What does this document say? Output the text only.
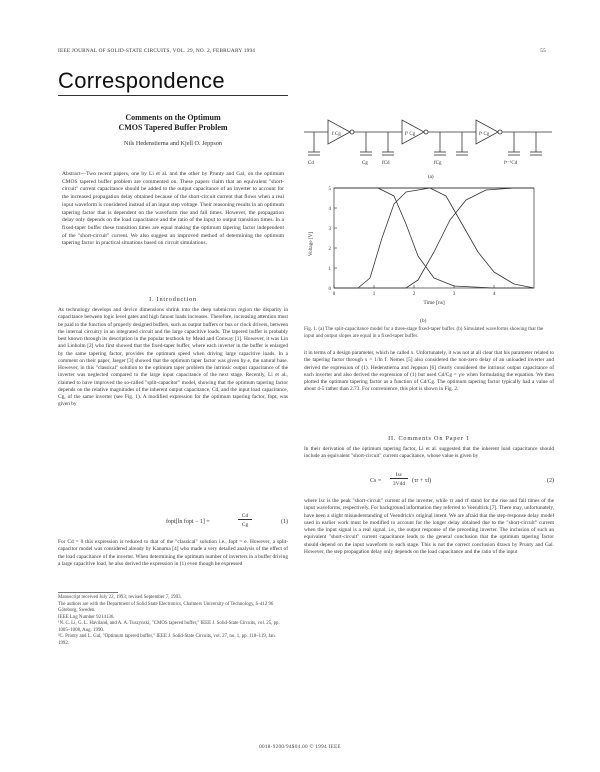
IEEE JOURNAL OF SOLID-STATE CIRCUITS, VOL. 29, NO. 2, FEBRUARY 1994	55
Correspondence
Comments on the Optimum
CMOS Tapered Buffer Problem
Nils Hedenstierna and Kjell O. Jeppson
Abstract—Two recent papers, one by Li et al. and the other by Prunty and Gal, on the optimum CMOS tapered buffer problem are commented on. These papers claim that an equivalent "short-circuit" current capacitance should be added to the output capacitance of an inverter to account for the increased propagation delay obtained because of the short-circuit current that flows when a real input waveform is considered instead of an input step voltage. Their reasoning results in an optimum tapering factor that is dependent on the waveform rise and fall times. However, the propagation delay only depends on the load capacitance and the ratio of the input to output transition times. In a fixed-taper buffer these transition times are equal making the optimum tapering factor independent of the "short-circuit" current. We also suggest an improved method of determining the optimum tapering factor in practical situations based on circuit simulations.
I. Introduction
As technology develops and device dimensions shrink into the deep submicron region the disparity in capacitance between logic level gates and high fanout loads increases. Therefore, increasing attention must be paid to the function of properly designed buffers, such as output buffers or bus or clock drivers, between the internal circuitry in an integrated circuit and the large capacitive loads. The tapered buffer is probably best known through its description in the popular textbook by Mead and Conway [1]. However, it was Lin and Linholm [2] who first showed that the fixed-taper buffer, where each inverter in the buffer is enlarged by the same tapering factor, provides the optimum speed when driving large capacitive loads. In a comment on their paper, Jaeger [3] showed that the optimum taper factor was given by e, the natural base. However, in this "classical" solution to the optimum taper problem the intrinsic output capacitance of the inverter was neglected compared to the large input capacitance of the next stage. Recently, Li et al., claimed to have improved the so-called "split-capacitor" model, showing that the optimum tapering factor depends on the relative magnitudes of the inherent output capacitance, Cd, and the input load capacitance, Cg, of the same inverter (see Fig. 1). A modified expression for the optimum tapering factor, fopt, was given by
fopt[ln fopt − 1] =
Cd
Cg	(1)
For Cd = 0 this expression is reduced to that of the "classical" solution i.e., fopt = e. However, a split-capacitor model was considered already by Kanuma [4] who made a very detailed analysis of the effect of the load capacitance of the inverter. When determining the optimum number of inverters in a buffer driving a large capacitive load, he also derived the expression in (1) even though he expressed
Manuscript received July 22, 1993; revised September 7, 1993.
The authors are with the Department of Solid State Electronics, Chalmers University of Technology, S-412 96 Göteborg, Sweden.
IEEE Log Number 9214136.
¹N. C. Li, G. L. Haviland, and A. A. Tuszynski, "CMOS tapered buffer," IEEE J. Solid-State Circuits, vol. 25, pp. 1005–1008, Aug. 1990.
²C. Prunty and L. Gal, "Optimum tapered buffer," IEEE J. Solid-State Circuits, vol. 27, no. 1, pp. 118–119, Jan. 1992.
f Cg	f² Cg	fⁿ Cg
Cd	Cg	fCd	fCg	fⁿ⁻¹Cd
(a)
0	1	2	3	4
0
1
2
3
4
5
Voltage [V]
Time [ns]
(b)
Fig. 1. (a) The split-capacitance model for a three-stage fixed-taper buffer. (b) Simulated waveforms showing that the input and output slopes are equal in a fixed-taper buffer.
it in terms of a design parameter, which he called x. Unfortunately, it was not at all clear that his parameter related to the tapering factor through x = 1/ln f. Nemes [5] also considered the non-zero delay of an unloaded inverter and derived the expression of (1). Hedenstierna and Jeppson [6] clearly considered the intrinsic output capacitance of each inverter and also derived the expression of (1) but used Cd/Cg = γ/e when formulating the equation. We then plotted the optimum tapering factor as a function of Cd/Cg. The optimum tapering factor typically had a value of about 4-5 rather than 2.73. For convenience, this plot is shown in Fig. 2.
II. Comments On Paper 1
In their derivation of the optimum tapering factor, Li et al. suggested that the inherent load capacitance should include an equivalent "short-circuit" current capacitance, whose value is given by
Cs =
Isc
3Vdd	(τr + τf)	(2)
where Isc is the peak "short-circuit" current of the inverter, while τr and τf stand for the rise and fall times of the input waveforms, respectively. For background information they referred to Veendrick [7]. There may, unfortunately, have been a slight misunderstanding of Veendrick's original intent. We are afraid that the step-response delay model used in earlier work must be modified to account for the longer delay obtained due to the "short-circuit" current when the input signal is a real signal, i.e., the output response of the preceding inverter. The inclusion of such an equivalent "short-circuit" current capacitance leads to the general conclusion that the optimum tapering factor should depend on the input waveform to each stage. This is not the correct conclusion drawn by Prunty and Gal. However, the step propagation delay only depends on the load capacitance and the ratio of the input
0018-9200/94$04.00 © 1994 IEEE
